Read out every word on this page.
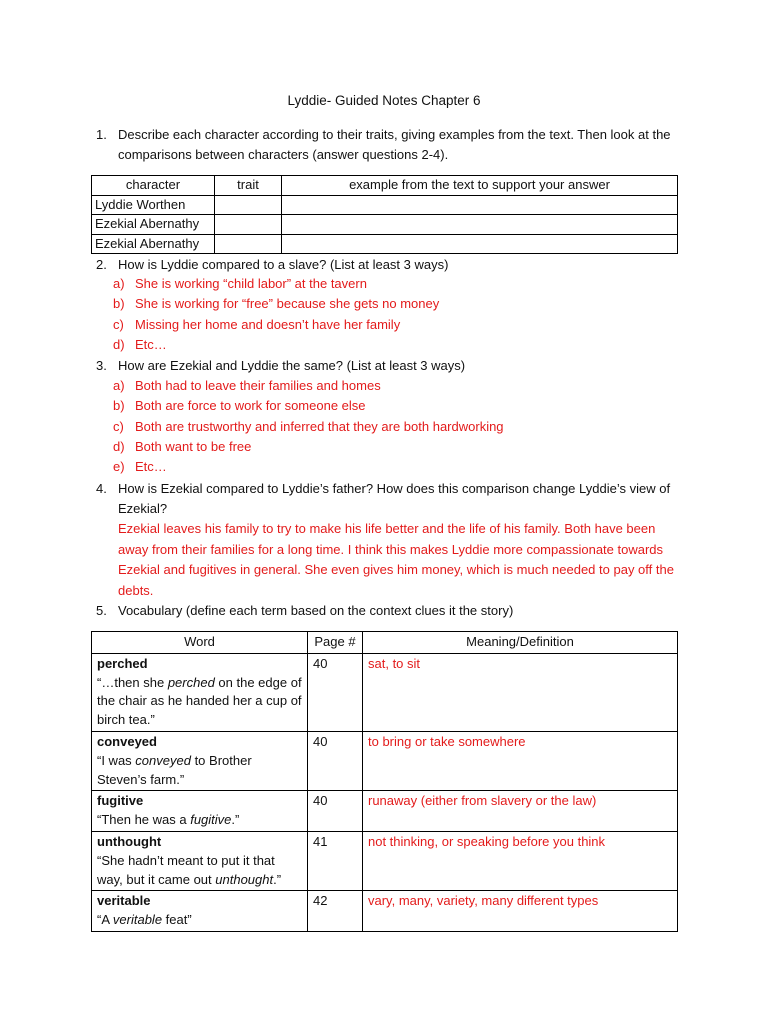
Lyddie- Guided Notes Chapter 6
1. Describe each character according to their traits, giving examples from the text. Then look at the comparisons between characters (answer questions 2-4).
character	trait	example from the text to support your answer
Lyddie Worthen		
Ezekial Abernathy		
Ezekial Abernathy		
2. How is Lyddie compared to a slave? (List at least 3 ways)
a) She is working “child labor” at the tavern
b) She is working for “free” because she gets no money
c) Missing her home and doesn’t have her family
d) Etc…
3. How are Ezekial and Lyddie the same? (List at least 3 ways)
a) Both had to leave their families and homes
b) Both are force to work for someone else
c) Both are trustworthy and inferred that they are both hardworking
d) Both want to be free
e) Etc…
4. How is Ezekial compared to Lyddie’s father? How does this comparison change Lyddie’s view of Ezekial?
Ezekial leaves his family to try to make his life better and the life of his family. Both have been away from their families for a long time. I think this makes Lyddie more compassionate towards Ezekial and fugitives in general. She even gives him money, which is much needed to pay off the debts.
5. Vocabulary (define each term based on the context clues it the story)
Word	Page #	Meaning/Definition

perched
“…then she perched on the edge of the chair as he handed her a cup of birch tea.”	40	sat, to sit

conveyed
“I was conveyed to Brother Steven’s farm.”	40	to bring or take somewhere

fugitive
“Then he was a fugitive.”	40	runaway (either from slavery or the law)

unthought
“She hadn’t meant to put it that way, but it came out unthought.”	41	not thinking, or speaking before you think

veritable
“A veritable feat”	42	vary, many, variety, many different types
